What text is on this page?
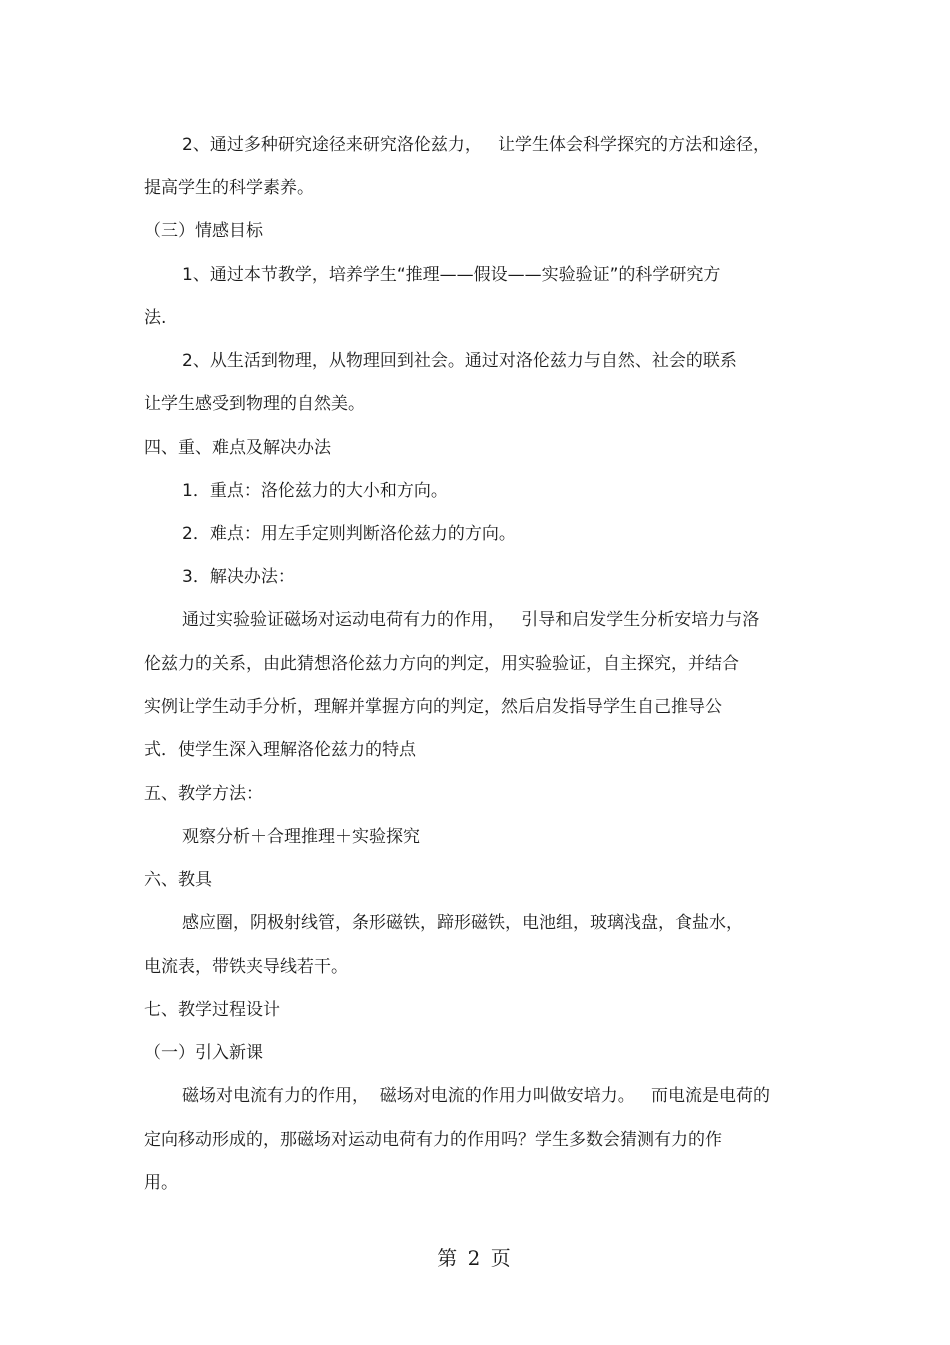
2、通过多种研究途径来研究洛伦兹力，   让学生体会科学探究的方法和途径，
提高学生的科学素养。
（三）情感目标
1、通过本节教学，培养学生“推理——假设——实验验证”的科学研究方
法.
2、从生活到物理，从物理回到社会。通过对洛伦兹力与自然、社会的联系
让学生感受到物理的自然美。
四、重、难点及解决办法
1．重点：洛伦兹力的大小和方向。
2．难点：用左手定则判断洛伦兹力的方向。
3．解决办法：
通过实验验证磁场对运动电荷有力的作用，   引导和启发学生分析安培力与洛
伦兹力的关系，由此猜想洛伦兹力方向的判定，用实验验证，自主探究，并结合
实例让学生动手分析，理解并掌握方向的判定，然后启发指导学生自己推导公
式．使学生深入理解洛伦兹力的特点
五、教学方法：
观察分析＋合理推理＋实验探究
六、教具
感应圈，阴极射线管，条形磁铁，蹄形磁铁，电池组，玻璃浅盘，食盐水，
电流表，带铁夹导线若干。
七、教学过程设计
（一）引入新课
磁场对电流有力的作用，  磁场对电流的作用力叫做安培力。   而电流是电荷的
定向移动形成的，那磁场对运动电荷有力的作用吗？学生多数会猜测有力的作
用。
第 2 页
